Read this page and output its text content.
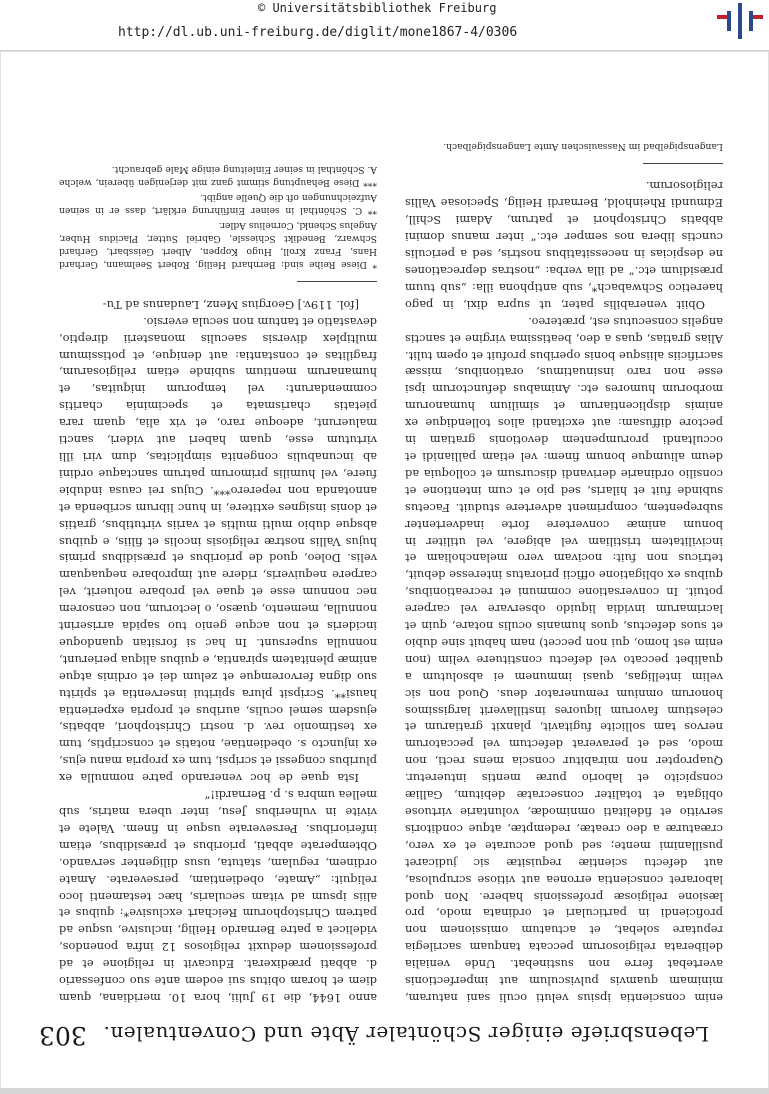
http://dl.ub.uni-freiburg.de/diglit/mone1867-4/0306
© Universitätsbibliothek Freiburg
Lebensbriefe einiger Schöntaler Äbte und Conventualen.
303

enim conscientia ipsius veluti oculi sani naturam, minimam quamvis pulvisculum aut imperfectionis avertebat ferre non sustinebat. Unde venialia deliberata religiosorum peccata tanquam sacrilegia reputare solebat, et actuatum omissionem non proficiendi in particulari et ordinata modo, pro læsione religiosæ professionis habere. Non quod laboraret conscientia erronea aut vitiose scrupulosa, aut defectu scientiæ requisitæ sic judicaret pusillanimi mente; sed quod accurate et ex vero, cræaturæ a deo creatæ, redemptæ, atque conditoris servitio et fidelitati omnimodæ, voluntarie virtuose obligata et totaliter consecratæ debitum, Galliæ conspicito et laborio puræ mentis intueretur. Quapropter non mirabitur conscia mens recti, non modo, sed et peraverat defectum vel peccatorum nervos tam sollicite fugitavit, planxit gratiarum et celestium favorum liquores instillaverit largissimos honorum omnium remunerator deus. Quod non sic velim intelligas, quasi immunem ei absolutum a qualibet peccato vel defectu constituere velim (non enim est homo, qui non peccet) nam habuit sine dubio et suos defectus, quos humanis oculis notare, quin et lacrimarum invidia liquido observare vel carpere potuit. In conversatione communi et recreationibus, quibus ex obligatione officii prioratus interesse debuit, tetricus non fuit: nocivam vero melancholiam et incivilitatem tristiliam vel abigere, vel utiliter in bonum animæ convertere forte inadvertenter subrepentem, compriment advertere studuit. Facetus subinde fuit et hilaris, sed pio et cum intentione et consilio ordinarie derivandi discursum et colloquia ad deum aliumque bonum finem: vel etiam pallianidi et occultandi prorumpentem devotionis gratiam in pectore diffusam: aut excitandi alios tollendique ex animis displicentiarum et similium humanorum morborum humores etc. Animabus defunctorum ipsi esse non raro insinuatimus, orationibus, missæ sacrificiis aliisque bonis operibus profuit et opem tulit. Alias gratias, quas a deo, beatissima virgine et sanctis angelis consecutus est, prætereo.

Obiit venerabilis pater, ut supra dixi, in pago haeretico Schwabach*, sub antiphona illa: „sub tuum præsidium etc.“ ad illa verba: „nostras deprecationes ne despicias in necessitatibus nostris, sed a periculis cunctis libera nos semper etc.“ inter manus domini abbatis Christophori et patrum, Adami Schill, Edmundi Rheinhold, Bernardi Heilig, Speciosae Vallis religiosorum.

Langenspigelbad im Nassauischen Amte Langenspigelbach.

anno 1644, die 19 Julii, hora 10. meridiana, quam diem et horam obitus sui eodem ante suo confessario d. abbati prædixerat. Educavit in religione et ad professionem deduxit religiosos 12 infra ponendos, videlicet a patre Bernardo Heilig, inclusive, usque ad patrem Christophorum Reichart exclusive*: quibus et aliis ipsum ad vitam secularis, hæc testamenti loco reliquit: „Amate, obedientiam, perseverate. Amate ordinem, regulam, statuta, usus diligenter servando. Obtemperate abbati, prioribus et præsidibus, etiam inferioribus. Perseverate usque in finem. Valete et vivite in vulneribus Jesu, inter ubera matris, sub melleа umbra s. p. Bernardi!“

Ista quae de hoc venerando patre nomnulla ex pluribus congessi et scripsi, tum ex propria manu ejus, ex injuncto s. obedientiae, notatis et conscriptis, tum ex testimonio rev. d. nostri Christophori, abbatis, ejusdem semel oculis, auribus et propria experientia hausi**. Scripsit plura spiritui inserventia et spiritu suo digna fervoremque et zelum dei et ordinis atque animæ plenitatem spirantia, e quibus aliqua perierunt, nonnulla supersunt. In hac si forsitan quandoque incideris et non acque genio tuo sapida arriserint nonnulla, memento, quæso, o lectorum, non censorem nec nonnum esse et quae vel probare noluerit, vel carpere nequiveris, ridere aut improbare nequaquam velis. Doleo, quod de prioribus et præsidibus primis hujus Vallis nostræ religiosis incolis et filiis, e quibus absque dubio multi multis et variis virtutibus, gratiis et donis insignes extitere, in hunc librum scribenda et annotanda non reperero***. Cujus rei causa indubie fuere, vel humilis primorum patrum sanctaque ordini ab incunabulis congenita simplicitas, dum viri illi virtutum esse, quam haberi aut videri, sancti maluerunt, adeoque raro, et vix alia, quam rara pietatis charismata et speciminia charitis commendarunt: vel temporum iniquitas, et humanarum mentium subinde etiam religiosarum, fragilitas et constantia: aut denique, et potissimum multiplex diversis saeculis monasterii direptio, devastatio et tantum non secula eversio.

[fol. 119v.] Georgius Menz, Laudanus ad Tu-

* Diese Reihe sind: Bernhard Heilig, Robert Seelmann, Gerhard Hans, Franz Kroll, Hugo Koppen, Albert Geissbart, Gerhard Schwarz, Benedikt Schiessle, Gabriel Sutter, Placidus Huber, Angelus Schenkl, Cornelius Adler.

** C. Schönthal in seiner Einführung erklärt, dass er in seinen Aufzeichnungen oft die Quelle angibt.

*** Diese Behauptung stimmt ganz mit derjenigen überein, welche A. Schönthal in seiner Einleitung einige Male gebraucht.
